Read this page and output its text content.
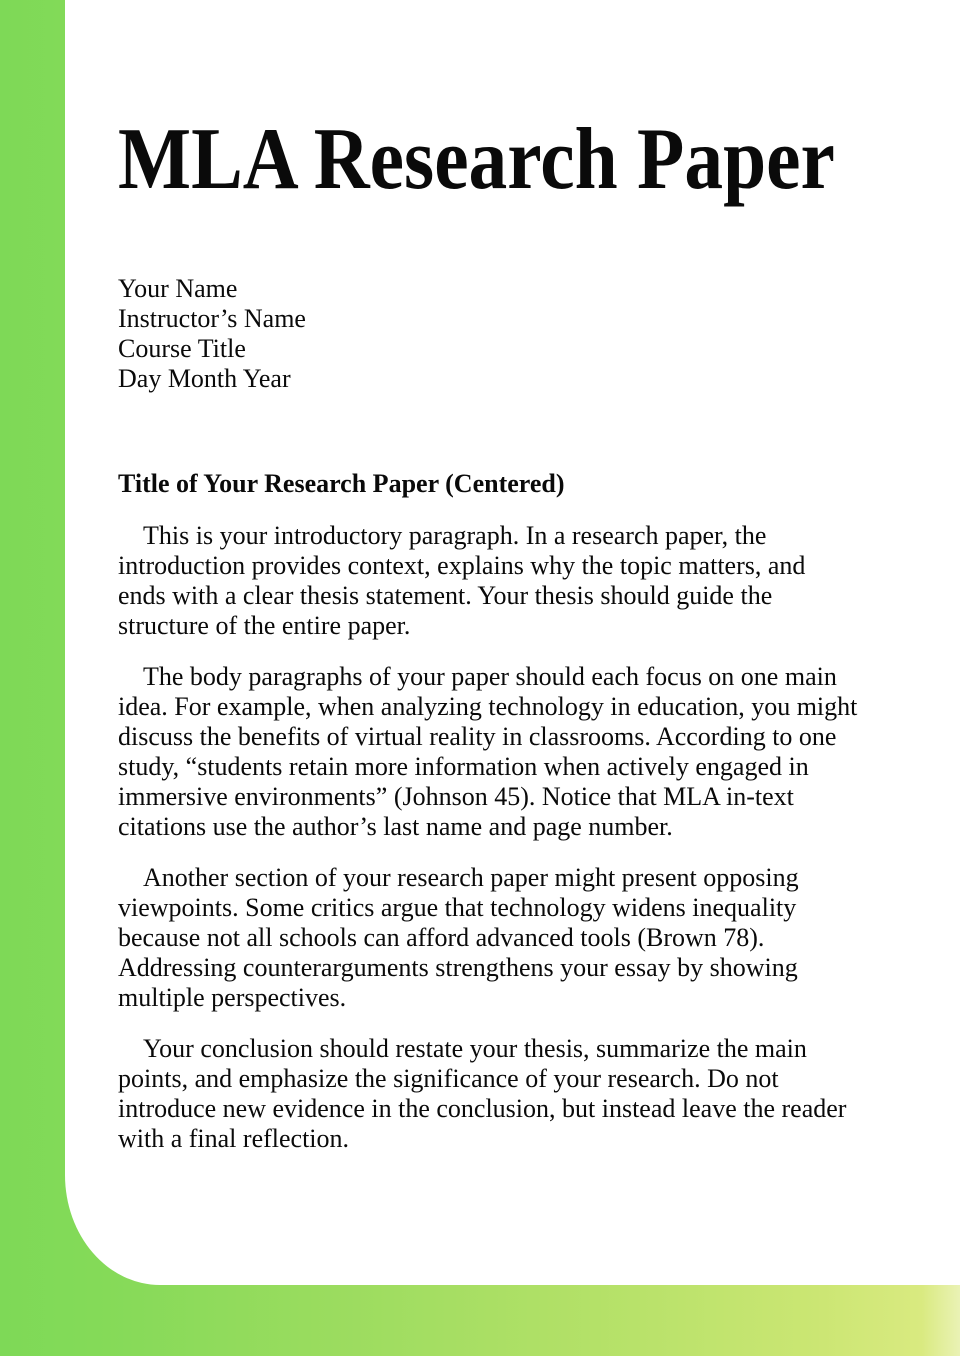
MLA Research Paper
Your Name
Instructor’s Name
Course Title
Day Month Year
Title of Your Research Paper (Centered)

This is your introductory paragraph. In a research paper, the introduction provides context, explains why the topic matters, and ends with a clear thesis statement. Your thesis should guide the structure of the entire paper.

The body paragraphs of your paper should each focus on one main idea. For example, when analyzing technology in education, you might discuss the benefits of virtual reality in classrooms. According to one study, “students retain more information when actively engaged in immersive environments” (Johnson 45). Notice that MLA in-text citations use the author’s last name and page number.

Another section of your research paper might present opposing viewpoints. Some critics argue that technology widens inequality because not all schools can afford advanced tools (Brown 78). Addressing counterarguments strengthens your essay by showing multiple perspectives.

Your conclusion should restate your thesis, summarize the main points, and emphasize the significance of your research. Do not introduce new evidence in the conclusion, but instead leave the reader with a final reflection.
